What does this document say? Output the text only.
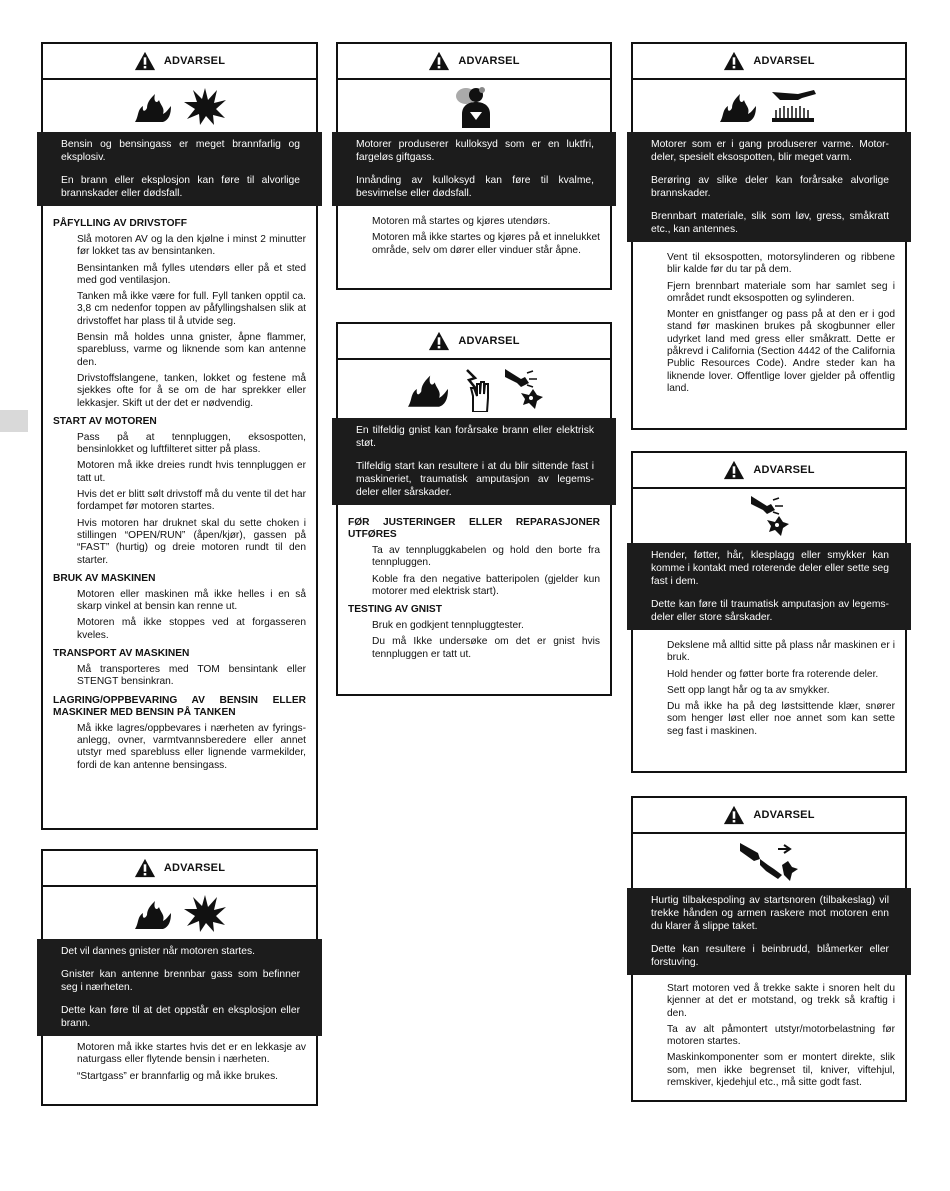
ADVARSEL

Bensin og bensingass er meget brannfarlig og eksplosiv.

En brann eller eksplosjon kan føre til alvorlige brannskader eller dødsfall.

PÅFYLLING AV DRIVSTOFF

Slå motoren AV og la den kjølne i minst 2 minutter før lokket tas av bensintanken.

Bensintanken må fylles utendørs eller på et sted med god ventilasjon.

Tanken må ikke være for full. Fyll tanken opptil ca. 3,8 cm nedenfor toppen av påfyllingshalsen slik at drivstoffet har plass til å utvide seg.

Bensin må holdes unna gnister, åpne flammer, sparebluss, varme og liknende som kan antenne den.

Drivstoffslangene, tanken, lokket og festene må sjekkes ofte for å se om de har sprekker eller lekkasjer. Skift ut der det er nødvendig.

START AV MOTOREN

Pass på at tennpluggen, eksospotten, bensinlokket og luftfilteret sitter på plass.

Motoren må ikke dreies rundt hvis tennpluggen er tatt ut.

Hvis det er blitt sølt drivstoff må du vente til det har fordampet før motoren startes.

Hvis motoren har druknet skal du sette choken i stillingen “OPEN/RUN” (åpen/kjør), gassen på “FAST” (hurtig) og dreie motoren rundt til den starter.

BRUK AV MASKINEN

Motoren eller maskinen må ikke helles i en så skarp vinkel at bensin kan renne ut.

Motoren må ikke stoppes ved at forgasseren kveles.

TRANSPORT AV MASKINEN

Må transporteres med TOM bensintank eller STENGT bensinkran.

LAGRING/OPPBEVARING AV BENSIN ELLER MASKINER MED BENSIN PÅ TANKEN

Må ikke lagres/oppbevares i nærheten av fyrings-anlegg, ovner, varmtvannsberedere eller annet utstyr med sparebluss eller lignende varmekilder, fordi de kan antenne bensingass.

ADVARSEL

Det vil dannes gnister når motoren startes.

Gnister kan antenne brennbar gass som befinner seg i nærheten.

Dette kan føre til at det oppstår en eksplosjon eller brann.

Motoren må ikke startes hvis det er en lekkasje av naturgass eller flytende bensin i nærheten.

“Startgass” er brannfarlig og må ikke brukes.

ADVARSEL

Motorer produserer kulloksyd som er en luktfri, fargeløs giftgass.

Innånding av kulloksyd kan føre til kvalme, besvimelse eller dødsfall.

Motoren må startes og kjøres utendørs.

Motoren må ikke startes og kjøres på et innelukket område, selv om dører eller vinduer står åpne.

ADVARSEL

En tilfeldig gnist kan forårsake brann eller elektrisk støt.

Tilfeldig start kan resultere i at du blir sittende fast i maskineriet, traumatisk amputasjon av legems-deler eller sårskader.

FØR JUSTERINGER ELLER REPARASJONER UTFØRES

Ta av tennpluggkabelen og hold den borte fra tennpluggen.

Koble fra den negative batteripolen (gjelder kun motorer med elektrisk start).

TESTING AV GNIST

Bruk en godkjent tennpluggtester.

Du må Ikke undersøke om det er gnist hvis tennpluggen er tatt ut.

ADVARSEL

Motorer som er i gang produserer varme. Motor-deler, spesielt eksospotten, blir meget varm.

Berøring av slike deler kan forårsake alvorlige brannskader.

Brennbart materiale, slik som løv, gress, småkratt etc., kan antennes.

Vent til eksospotten, motorsylinderen og ribbene blir kalde før du tar på dem.

Fjern brennbart materiale som har samlet seg i området rundt eksospotten og sylinderen.

Monter en gnistfanger og pass på at den er i god stand før maskinen brukes på skogbunner eller udyrket land med gress eller småkratt. Dette er påkrevd i California (Section 4442 of the California Public Resources Code). Andre steder kan ha liknende lover. Offentlige lover gjelder på offentlig land.

ADVARSEL

Hender, føtter, hår, klesplagg eller smykker kan komme i kontakt med roterende deler eller sette seg fast i dem.

Dette kan føre til traumatisk amputasjon av legems-deler eller store sårskader.

Dekslene må alltid sitte på plass når maskinen er i bruk.

Hold hender og føtter borte fra roterende deler.

Sett opp langt hår og ta av smykker.

Du må ikke ha på deg løstsittende klær, snører som henger løst eller noe annet som kan sette seg fast i maskinen.

ADVARSEL

Hurtig tilbakespoling av startsnoren (tilbakeslag) vil trekke hånden og armen raskere mot motoren enn du klarer å slippe taket.

Dette kan resultere i beinbrudd, blåmerker eller forstuving.

Start motoren ved å trekke sakte i snoren helt du kjenner at det er motstand, og trekk så kraftig i den.

Ta av alt påmontert utstyr/motorbelastning før motoren startes.

Maskinkomponenter som er montert direkte, slik som, men ikke begrenset til, kniver, viftehjul, remskiver, kjedehjul etc., må sitte godt fast.
